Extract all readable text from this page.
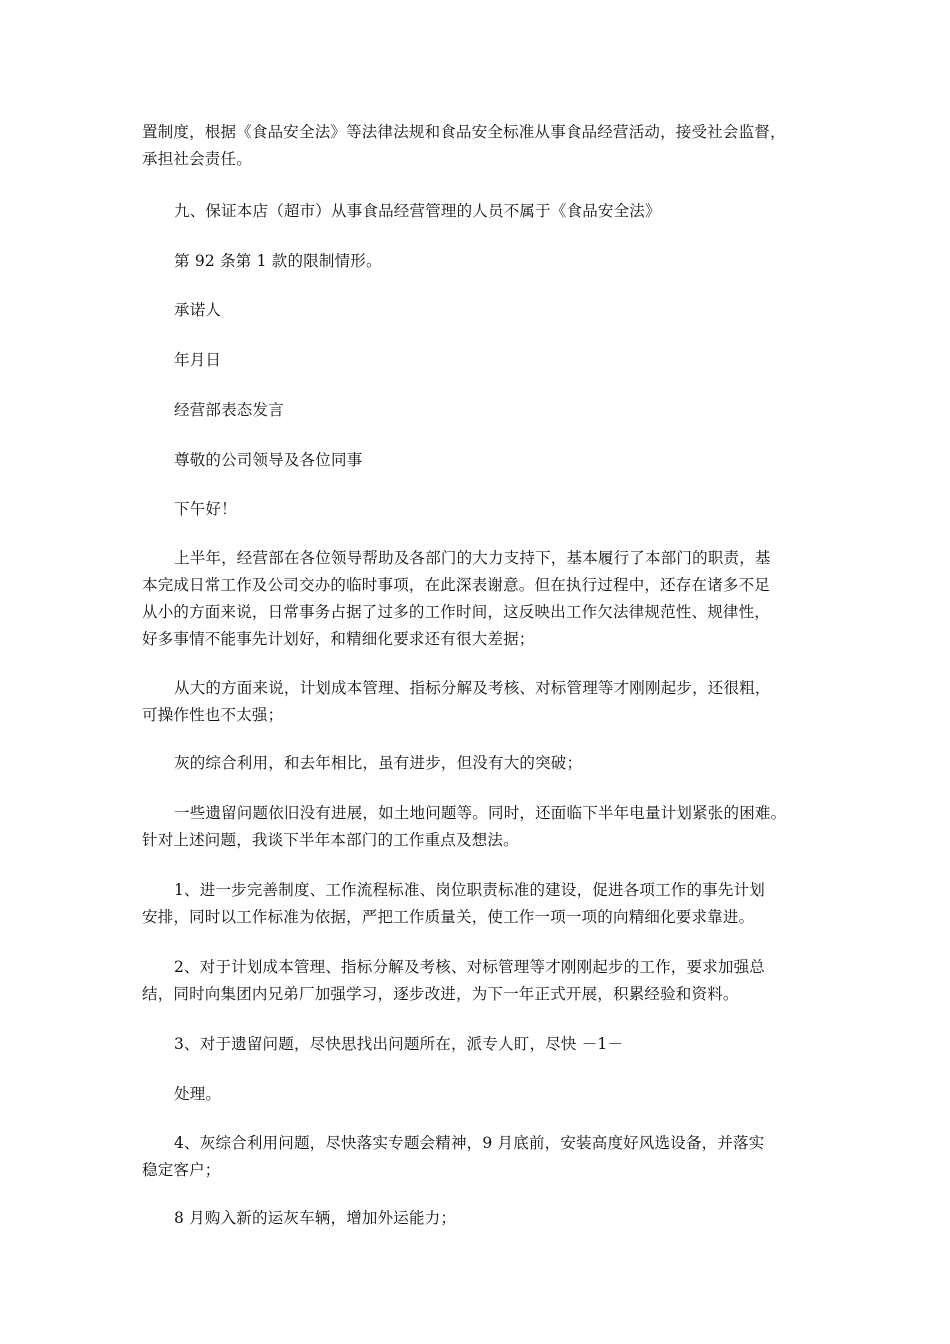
置制度，根据《食品安全法》等法律法规和食品安全标准从事食品经营活动，接受社会监督，
承担社会责任。

九、保证本店（超市）从事食品经营管理的人员不属于《食品安全法》

第 92 条第 1 款的限制情形。

承诺人

年月日

经营部表态发言

尊敬的公司领导及各位同事

下午好！

上半年，经营部在各位领导帮助及各部门的大力支持下，基本履行了本部门的职责，基
本完成日常工作及公司交办的临时事项，在此深表谢意。但在执行过程中，还存在诸多不足
从小的方面来说，日常事务占据了过多的工作时间，这反映出工作欠法律规范性、规律性，
好多事情不能事先计划好，和精细化要求还有很大差据；

从大的方面来说，计划成本管理、指标分解及考核、对标管理等才刚刚起步，还很粗，
可操作性也不太强；

灰的综合利用，和去年相比，虽有进步，但没有大的突破；

一些遗留问题依旧没有进展，如土地问题等。同时，还面临下半年电量计划紧张的困难。
针对上述问题，我谈下半年本部门的工作重点及想法。

1、进一步完善制度、工作流程标准、岗位职责标准的建设，促进各项工作的事先计划
安排，同时以工作标准为依据，严把工作质量关，使工作一项一项的向精细化要求靠进。

2、对于计划成本管理、指标分解及考核、对标管理等才刚刚起步的工作，要求加强总
结，同时向集团内兄弟厂加强学习，逐步改进，为下一年正式开展，积累经验和资料。

3、对于遗留问题，尽快思找出问题所在，派专人盯，尽快 －1－

处理。

4、灰综合利用问题，尽快落实专题会精神，9 月底前，安装高度好风选设备，并落实
稳定客户；

8 月购入新的运灰车辆，增加外运能力；
